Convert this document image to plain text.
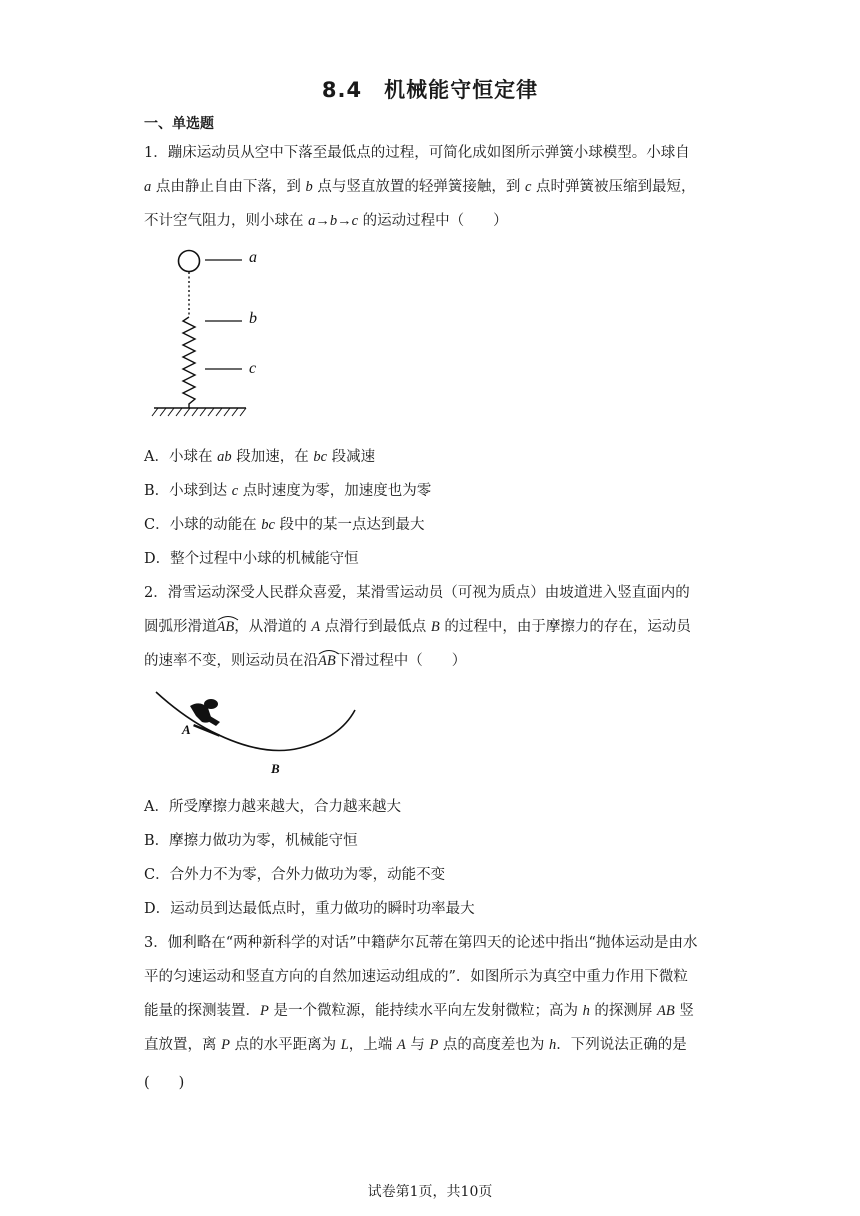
8.4　机械能守恒定律
一、单选题
1．蹦床运动员从空中下落至最低点的过程，可简化成如图所示弹簧小球模型。小球自
a 点由静止自由下落，到 b 点与竖直放置的轻弹簧接触，到 c 点时弹簧被压缩到最短，
不计空气阻力，则小球在 a→b→c 的运动过程中（　　）
a
b
c
A．小球在 ab 段加速，在 bc 段减速
B．小球到达 c 点时速度为零，加速度也为零
C．小球的动能在 bc 段中的某一点达到最大
D．整个过程中小球的机械能守恒
2．滑雪运动深受人民群众喜爱，某滑雪运动员（可视为质点）由坡道进入竖直面内的
圆弧形滑道
AB，从滑道的 A 点滑行到最低点 B 的过程中，由于摩擦力的存在，运动员
的速率不变，则运动员在沿
AB下滑过程中（　　）
A
B
A．所受摩擦力越来越大，合力越来越大
B．摩擦力做功为零，机械能守恒
C．合外力不为零，合外力做功为零，动能不变
D．运动员到达最低点时，重力做功的瞬时功率最大
3．伽利略在“两种新科学的对话”中籍萨尔瓦蒂在第四天的论述中指出“抛体运动是由水
平的匀速运动和竖直方向的自然加速运动组成的”．如图所示为真空中重力作用下微粒
能量的探测装置．P 是一个微粒源，能持续水平向左发射微粒；高为 h 的探测屏 AB 竖
直放置，离 P 点的水平距离为 L，上端 A 与 P 点的高度差也为 h．下列说法正确的是
(　　)
试卷第1页，共10页
